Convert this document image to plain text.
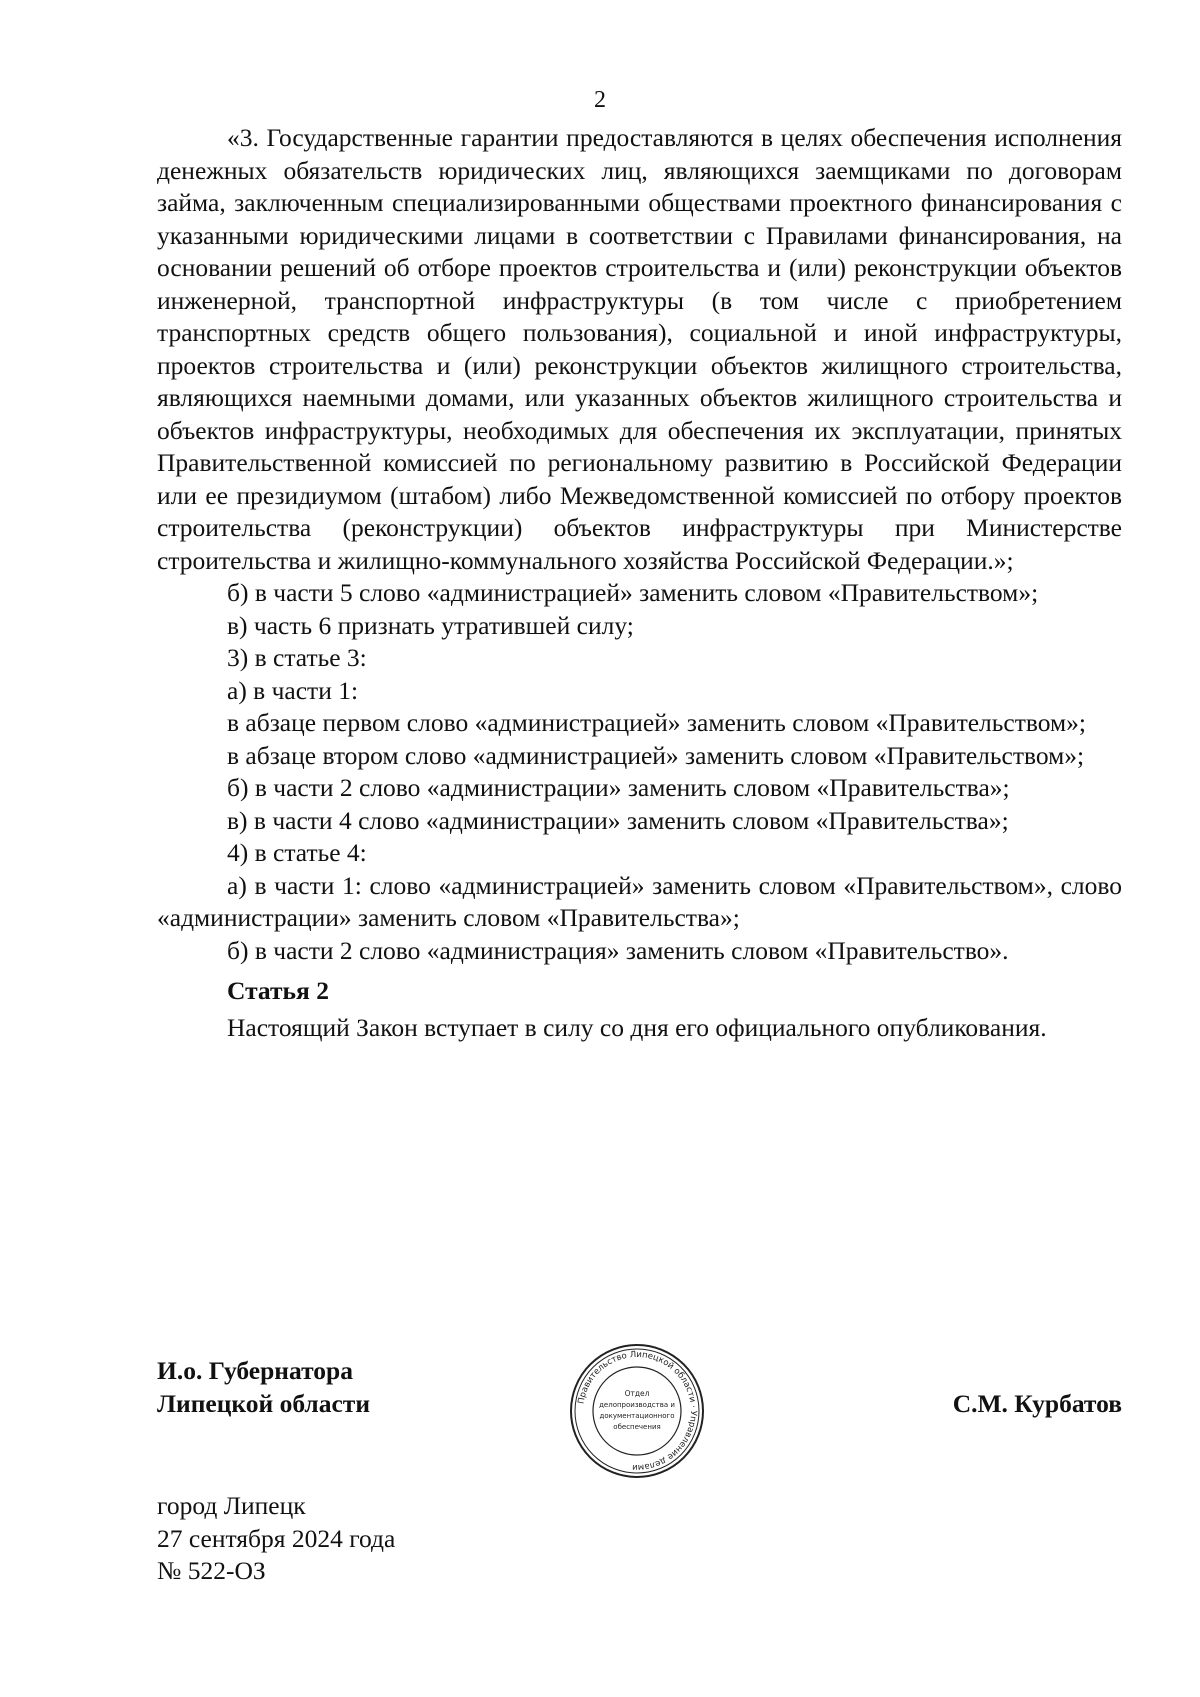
2

«3. Государственные гарантии предоставляются в целях обеспечения исполнения денежных обязательств юридических лиц, являющихся заемщиками по договорам займа, заключенным специализированными обществами проектного финансирования с указанными юридическими лицами в соответствии с Правилами финансирования, на основании решений об отборе проектов строительства и (или) реконструкции объектов инженерной, транспортной инфраструктуры (в том числе с приобретением транспортных средств общего пользования), социальной и иной инфраструктуры, проектов строительства и (или) реконструкции объектов жилищного строительства, являющихся наемными домами, или указанных объектов жилищного строительства и объектов инфраструктуры, необходимых для обеспечения их эксплуатации, принятых Правительственной комиссией по региональному развитию в Российской Федерации или ее президиумом (штабом) либо Межведомственной комиссией по отбору проектов строительства (реконструкции) объектов инфраструктуры при Министерстве строительства и жилищно-коммунального хозяйства Российской Федерации.»;

б) в части 5 слово «администрацией» заменить словом «Правительством»;

в) часть 6 признать утратившей силу;

3) в статье 3:

а) в части 1:

в абзаце первом слово «администрацией» заменить словом «Правительством»;

в абзаце втором слово «администрацией» заменить словом «Правительством»;

б) в части 2 слово «администрации» заменить словом «Правительства»;

в) в части 4 слово «администрации» заменить словом «Правительства»;

4) в статье 4:

а) в части 1: слово «администрацией» заменить словом «Правительством», слово «администрации» заменить словом «Правительства»;

б) в части 2 слово «администрация» заменить словом «Правительство».

Статья 2

Настоящий Закон вступает в силу со дня его официального опубликования.

И.о. Губернатора
Липецкой области	Правительство Липецкой области · Управление делами
Отдел
делопроизводства и
документационного
обеспечения
С.М. Курбатов
город Липецк
27 сентября 2024 года
№ 522-ОЗ
